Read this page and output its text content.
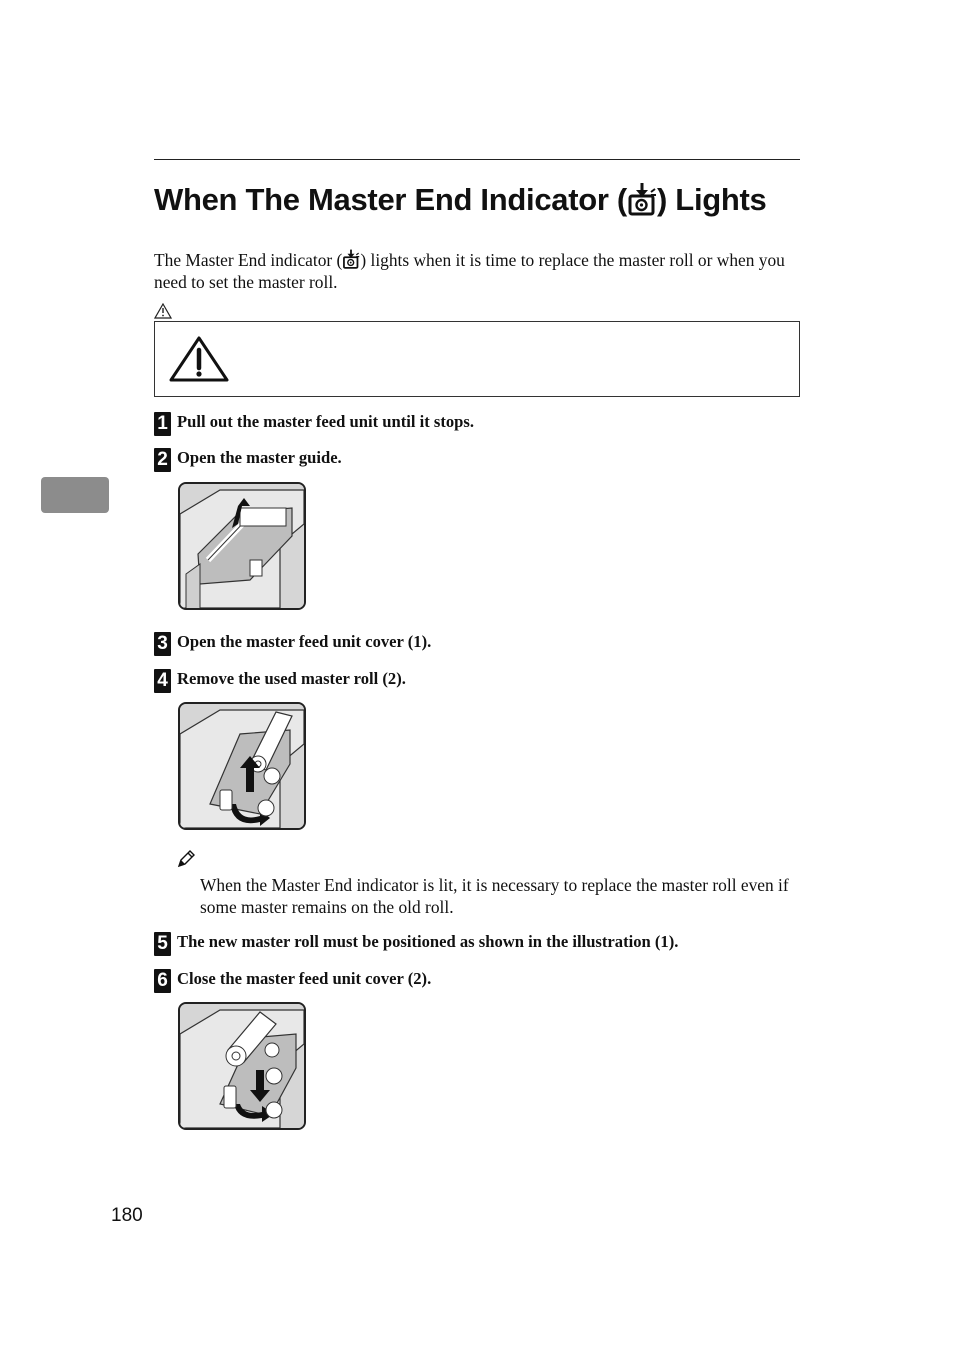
When The Master End Indicator ( ) Lights
The Master End indicator ( ) lights when it is time to replace the master roll or when you need to set the master roll.
1 Pull out the master feed unit until it stops.
2 Open the master guide.
3 Open the master feed unit cover (1).
4 Remove the used master roll (2).
When the Master End indicator is lit, it is necessary to replace the master roll even if some master remains on the old roll.
5 The new master roll must be positioned as shown in the illustration (1).
6 Close the master feed unit cover (2).
180
